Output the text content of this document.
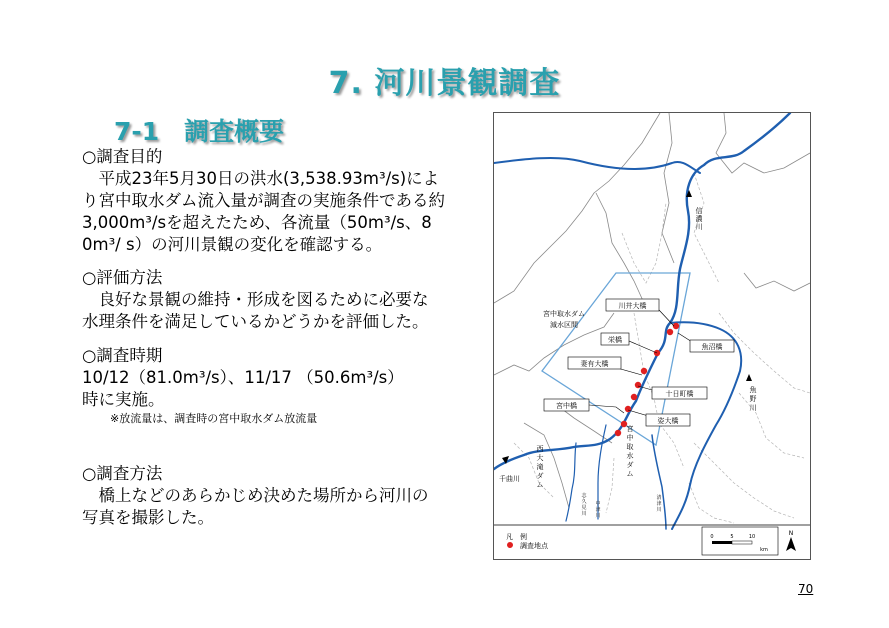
7. 河川景観調査
7-1　調査概要

○調査目的

平成23年5月30日の洪水(3,538.93m³/s)によ

り宮中取水ダム流入量が調査の実施条件である約

3,000m³/sを超えたため、各流量（50m³/s、8

0m³/ s）の河川景観の変化を確認する。

○評価方法

良好な景観の維持・形成を図るために必要な

水理条件を満足しているかどうかを評価した。

○調査時期

10/12（81.0m³/s）、11/17 （50.6m³/s）

時に実施。

※放流量は、調査時の宮中取水ダム放流量

○調査方法

橋上などのあらかじめ決めた場所から河川の

写真を撮影した。

70
川井大橋
栄橋
妻有大橋
宮中橋
魚沼橋
十日町橋
姿大橋
宮中取水ダム
減水区間
信
濃
川
魚
野
川
宮
中
取
水
ダ
ム
西
大
滝
ダ
ム
千曲川
志
久
見
川
中
津
川
清
津
川
凡　例
調査地点
0	5	10
km
N
